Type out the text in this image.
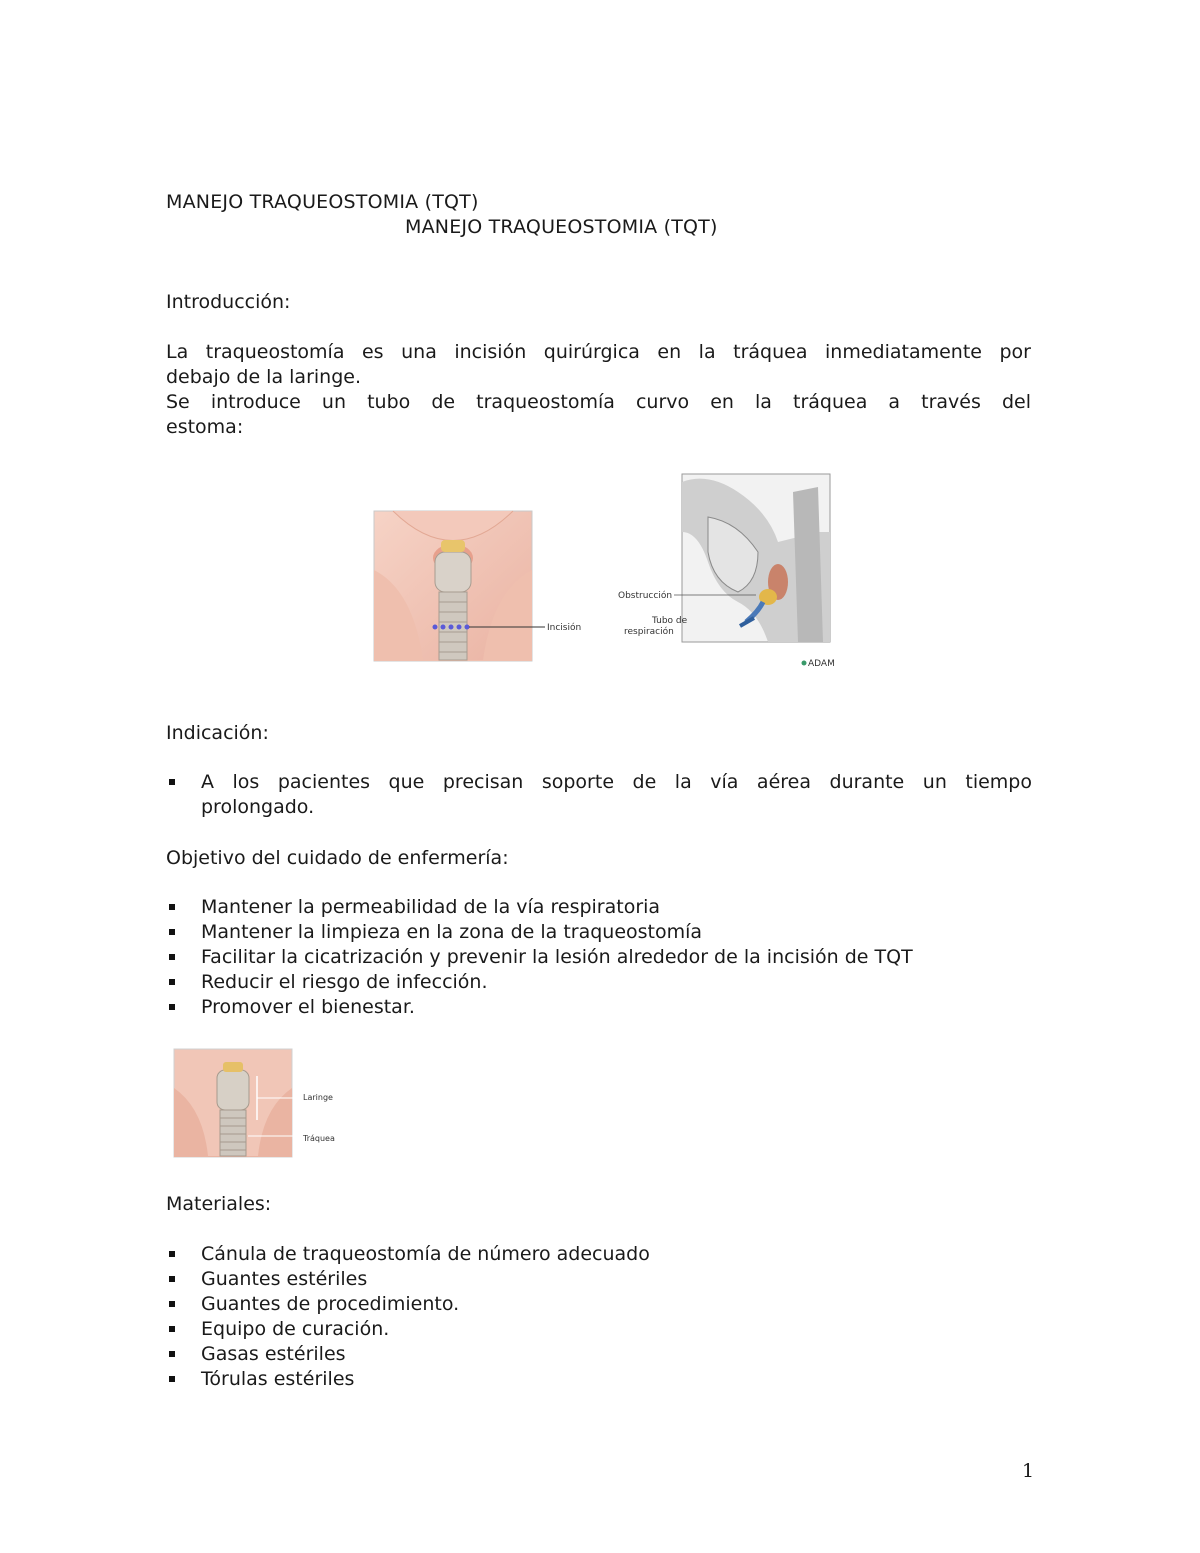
MANEJO TRAQUEOSTOMIA (TQT)
MANEJO TRAQUEOSTOMIA (TQT)
Introducción:
La traqueostomía es una incisión quirúrgica en la tráquea inmediatamente por
debajo de la laringe.
Se introduce un tubo de traqueostomía curvo en la tráquea a través del
estoma:
Incisión
Obstrucción
Tubo de
respiración
ADAM
Indicación:
A los pacientes que precisan soporte de la vía aérea durante un tiempo
prolongado.
Objetivo del cuidado de enfermería:
Mantener la permeabilidad de la vía respiratoria
Mantener la limpieza en la zona de la traqueostomía
Facilitar la cicatrización y prevenir la lesión alrededor de la incisión de TQT
Reducir el riesgo de infección.
Promover el bienestar.
Laringe
Tráquea
Materiales:
Cánula de traqueostomía de número adecuado
Guantes estériles
Guantes de procedimiento.
Equipo de curación.
Gasas estériles
Tórulas estériles
1
